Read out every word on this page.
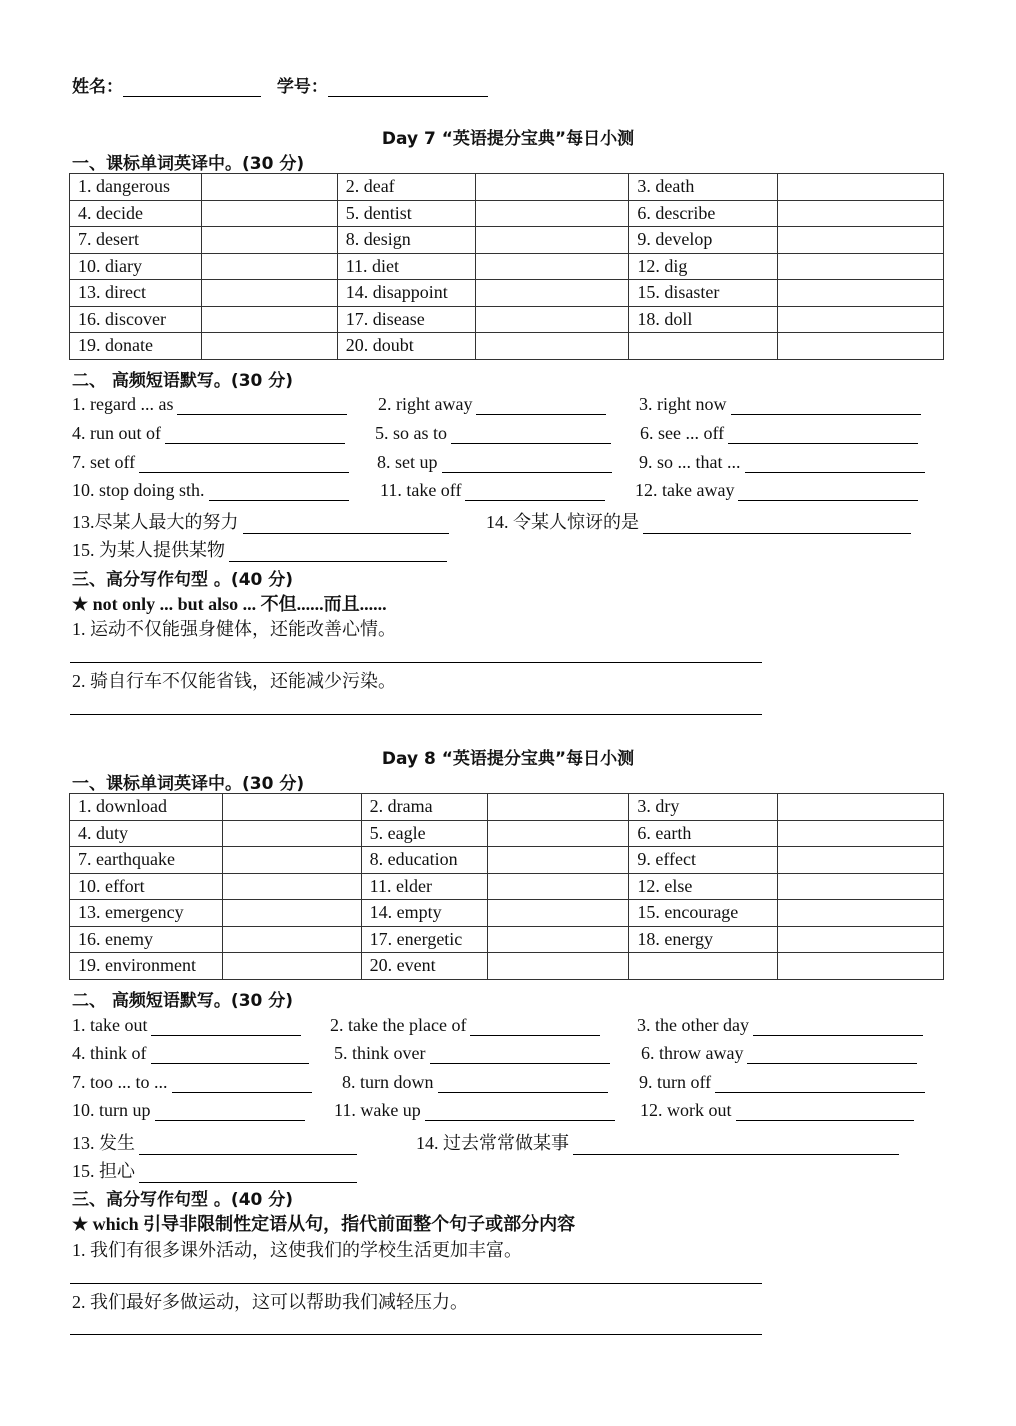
姓名：	学号：
Day 7 “英语提分宝典”每日小测
一、课标单词英译中。(30 分)
1. dangerous		2. deaf		3. death	
4. decide		5. dentist		6. describe	
7. desert		8. design		9. develop	
10. diary		11. diet		12. dig	
13. direct		14. disappoint		15. disaster	
16. discover		17. disease		18. doll	
19. donate		20. doubt			
二、 高频短语默写。(30 分)
1. regard ... as	2. right away	3. right now
4. run out of	5. so as to	6. see ... off
7. set off	8. set up	9. so ... that ...
10. stop doing sth.	11. take off	12. take away
13.尽某人最大的努力	14. 令某人惊讶的是
15. 为某人提供某物
三、高分写作句型 。(40 分)
★ not only ... but also ... 不但......而且......
1. 运动不仅能强身健体，还能改善心情。
2. 骑自行车不仅能省钱，还能减少污染。
Day 8 “英语提分宝典”每日小测
一、课标单词英译中。(30 分)
1. download		2. drama		3. dry	
4. duty		5. eagle		6. earth	
7. earthquake		8. education		9. effect	
10. effort		11. elder		12. else	
13. emergency		14. empty		15. encourage	
16. enemy		17. energetic		18. energy	
19. environment		20. event			
二、 高频短语默写。(30 分)
1. take out	2. take the place of	3. the other day
4. think of	5. think over	6. throw away
7. too ... to ...	8. turn down	9. turn off
10. turn up	11. wake up	12. work out
13. 发生	14. 过去常常做某事
15. 担心
三、高分写作句型 。(40 分)
★ which 引导非限制性定语从句，指代前面整个句子或部分内容
1. 我们有很多课外活动，这使我们的学校生活更加丰富。
2. 我们最好多做运动，这可以帮助我们减轻压力。
